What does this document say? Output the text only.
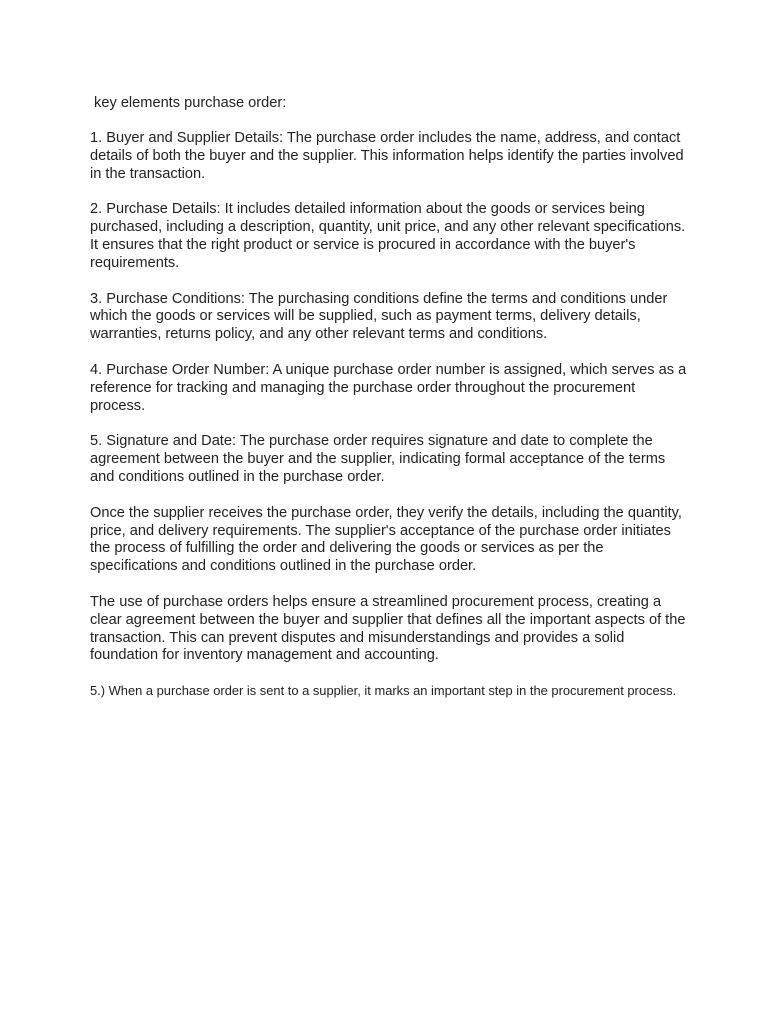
key elements purchase order:

1. Buyer and Supplier Details: The purchase order includes the name, address, and contact details of both the buyer and the supplier. This information helps identify the parties involved in the transaction.

2. Purchase Details: It includes detailed information about the goods or services being purchased, including a description, quantity, unit price, and any other relevant specifications. It ensures that the right product or service is procured in accordance with the buyer's requirements.

3. Purchase Conditions: The purchasing conditions define the terms and conditions under which the goods or services will be supplied, such as payment terms, delivery details, warranties, returns policy, and any other relevant terms and conditions.

4. Purchase Order Number: A unique purchase order number is assigned, which serves as a reference for tracking and managing the purchase order throughout the procurement process.

5. Signature and Date: The purchase order requires signature and date to complete the agreement between the buyer and the supplier, indicating formal acceptance of the terms and conditions outlined in the purchase order.

Once the supplier receives the purchase order, they verify the details, including the quantity, price, and delivery requirements. The supplier's acceptance of the purchase order initiates the process of fulfilling the order and delivering the goods or services as per the specifications and conditions outlined in the purchase order.

The use of purchase orders helps ensure a streamlined procurement process, creating a clear agreement between the buyer and supplier that defines all the important aspects of the transaction. This can prevent disputes and misunderstandings and provides a solid foundation for inventory management and accounting.

5.) When a purchase order is sent to a supplier, it marks an important step in the procurement process.
